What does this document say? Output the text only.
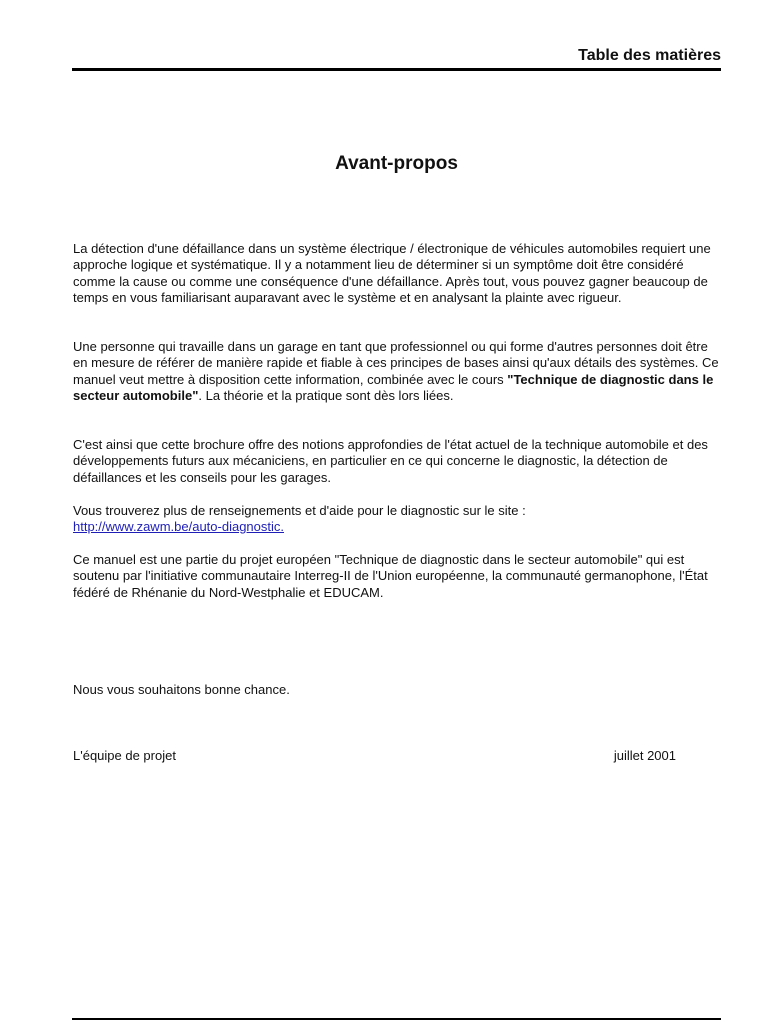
Table des matières
Avant-propos

La détection d'une défaillance dans un système électrique / électronique de véhicules automobiles requiert une approche logique et systématique. Il y a notamment lieu de déterminer si un symptôme doit être considéré comme la cause ou comme une conséquence d'une défaillance. Après tout, vous pouvez gagner beaucoup de temps en vous familiarisant auparavant avec le système et en analysant la plainte avec rigueur.

Une personne qui travaille dans un garage en tant que professionnel ou qui forme d'autres personnes doit être en mesure de référer de manière rapide et fiable à ces principes de bases ainsi qu'aux détails des systèmes. Ce manuel veut mettre à disposition cette information, combinée avec le cours "Technique de diagnostic dans le secteur automobile". La théorie et la pratique sont dès lors liées.

C'est ainsi que cette brochure offre des notions approfondies de l'état actuel de la technique automobile et des développements futurs aux mécaniciens, en particulier en ce qui concerne le diagnostic, la détection de défaillances et les conseils pour les garages.

Vous trouverez plus de renseignements et d'aide pour le diagnostic sur le site :
http://www.zawm.be/auto-diagnostic.

Ce manuel est une partie du projet européen "Technique de diagnostic dans le secteur automobile" qui est soutenu par l'initiative communautaire Interreg-II de l'Union européenne, la communauté germanophone, l'État fédéré de Rhénanie du Nord-Westphalie et EDUCAM.

Nous vous souhaitons bonne chance.

L'équipe de projet	juillet 2001
